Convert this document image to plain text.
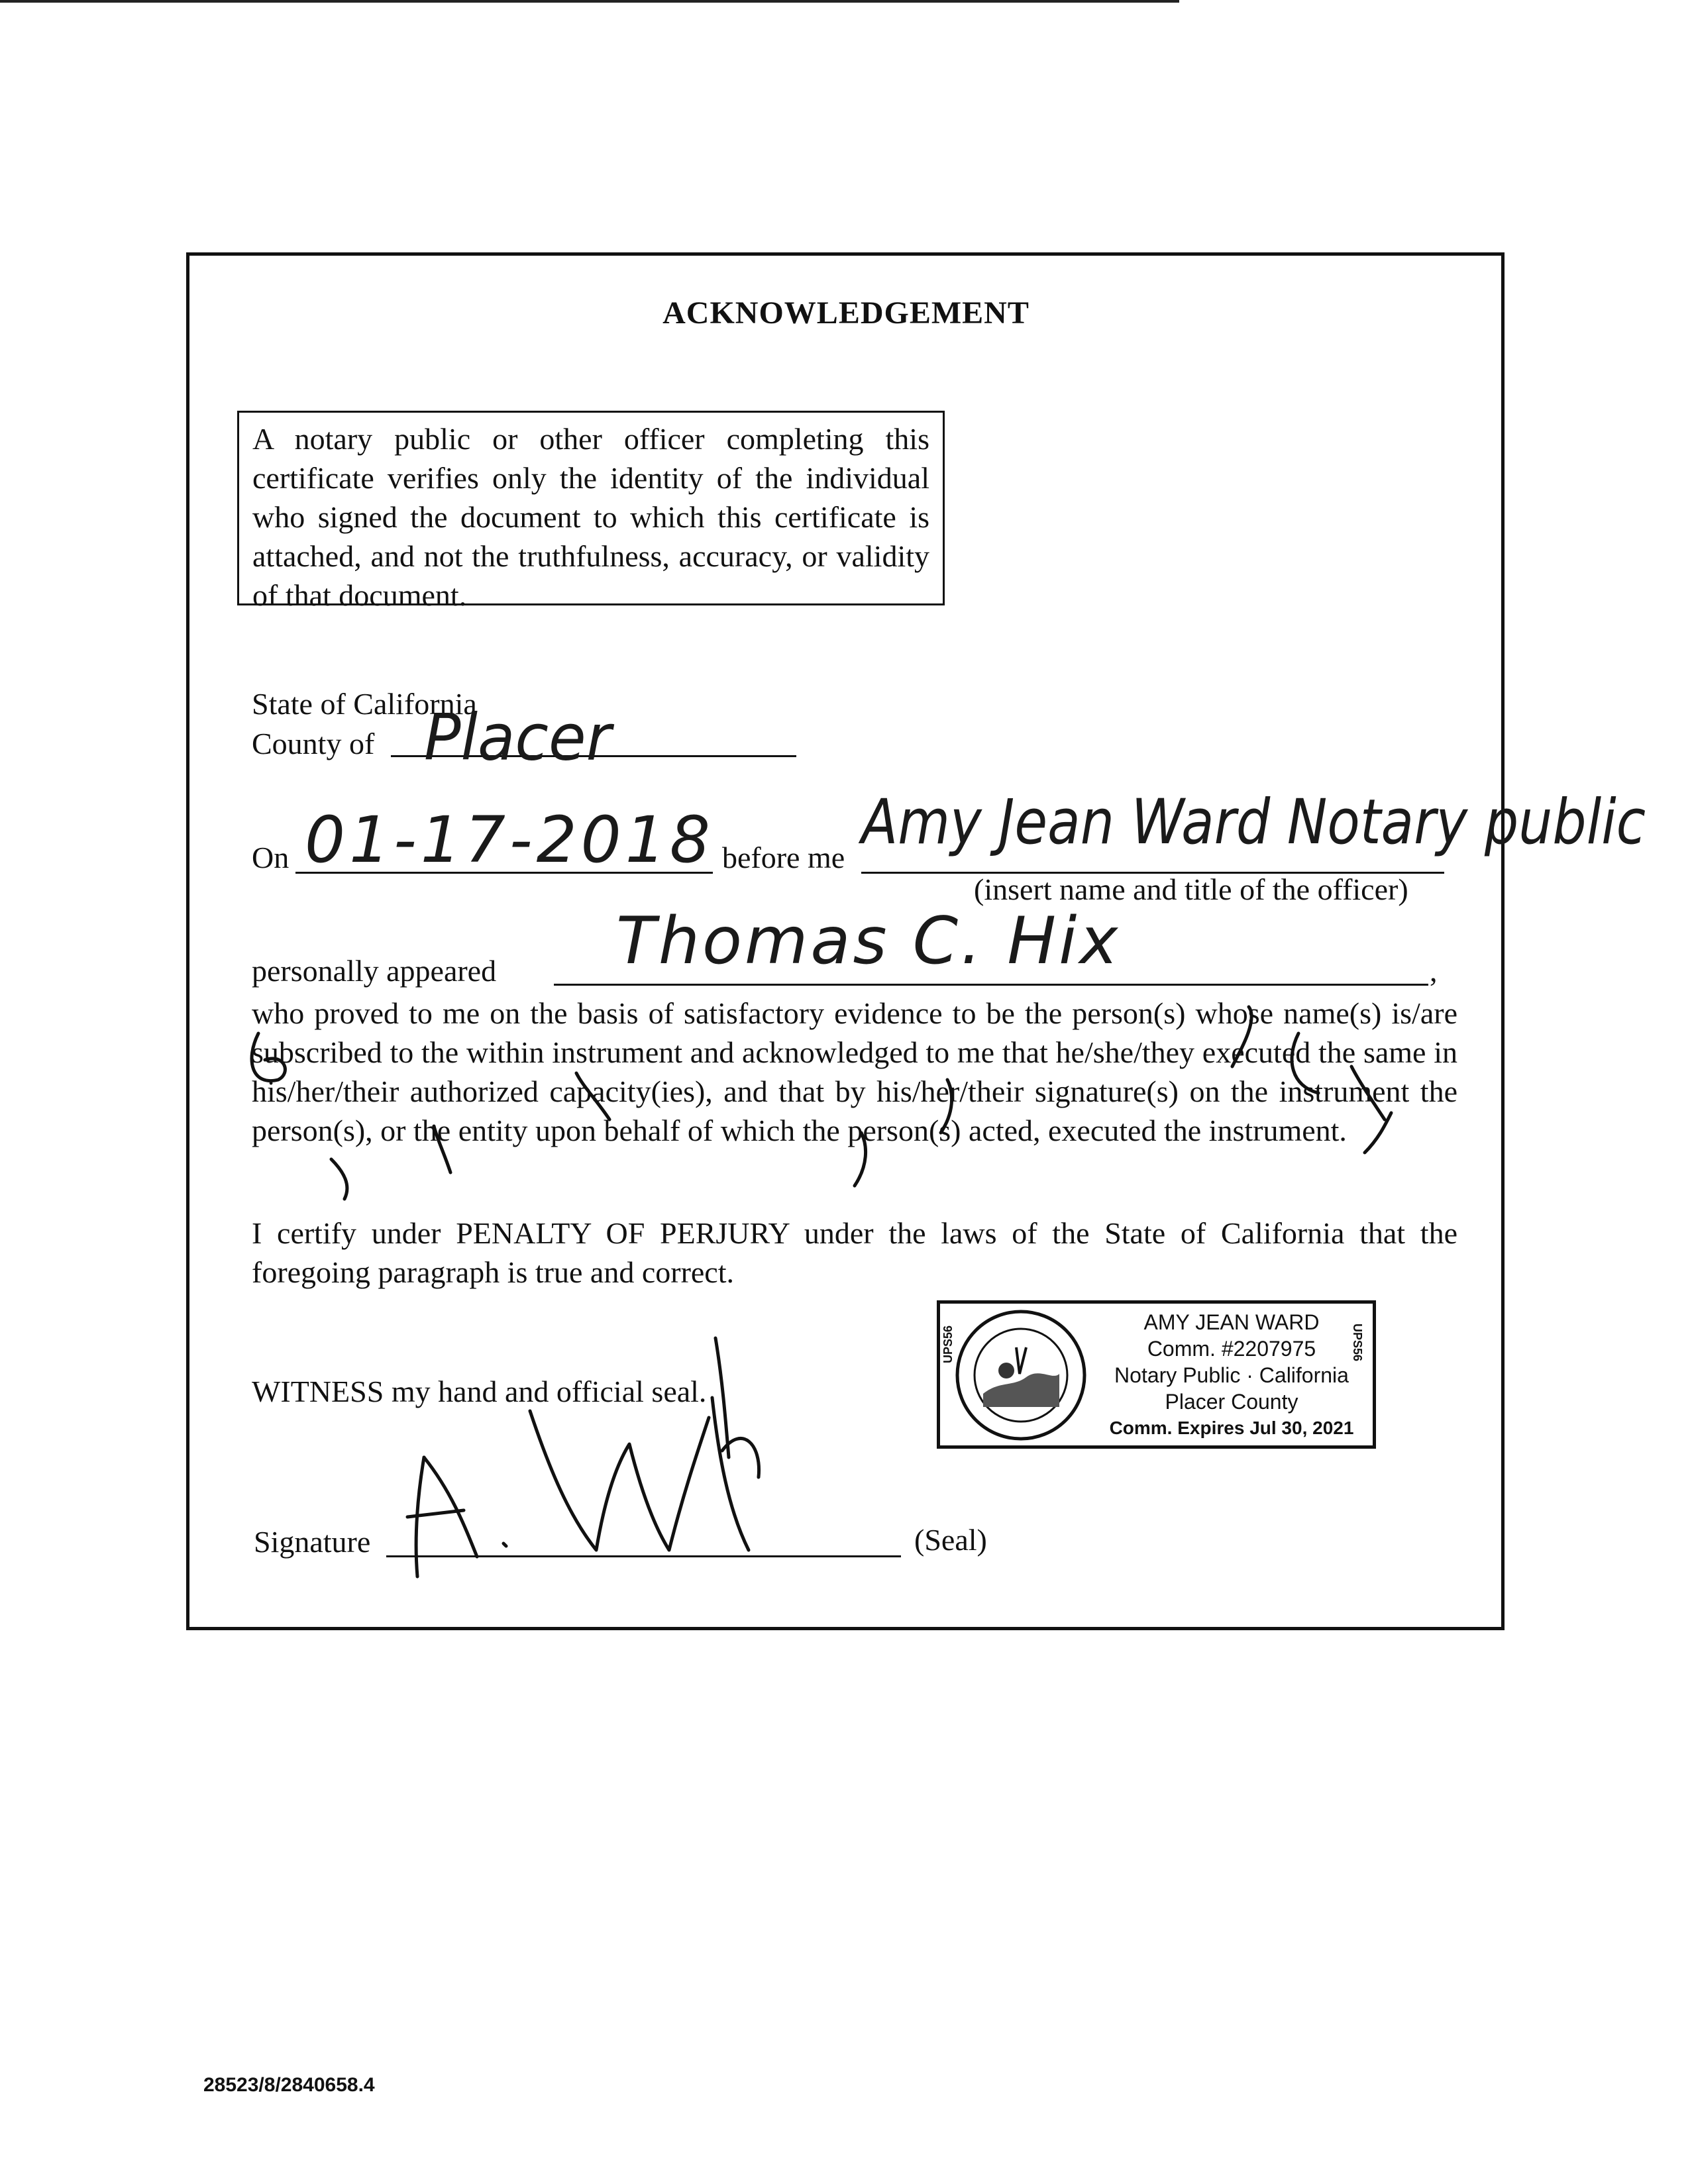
ACKNOWLEDGEMENT
A notary public or other officer completing this certificate verifies only the identity of the individual who signed the document to which this certificate is attached, and not the truthfulness, accuracy, or validity of that document.
State of California
County of Placer
On 01-17-2018 before me Amy Jean Ward Notary public
(insert name and title of the officer)
personally appeared Thomas C. Hix	,
who proved to me on the basis of satisfactory evidence to be the person(s) whose name(s) is/are subscribed to the within instrument and acknowledged to me that he/she/they executed the same in his/her/their authorized capacity(ies), and that by his/her/their signature(s) on the instrument the person(s), or the entity upon behalf of which the person(s) acted, executed the instrument.
I certify under PENALTY OF PERJURY under the laws of the State of California that the foregoing paragraph is true and correct.
WITNESS my hand and official seal.
Signature	(Seal)
AMY JEAN WARD
Comm. #2207975
Notary Public · California
Placer County
Comm. Expires Jul 30, 2021
UPS56	UPS56
28523/8/2840658.4
